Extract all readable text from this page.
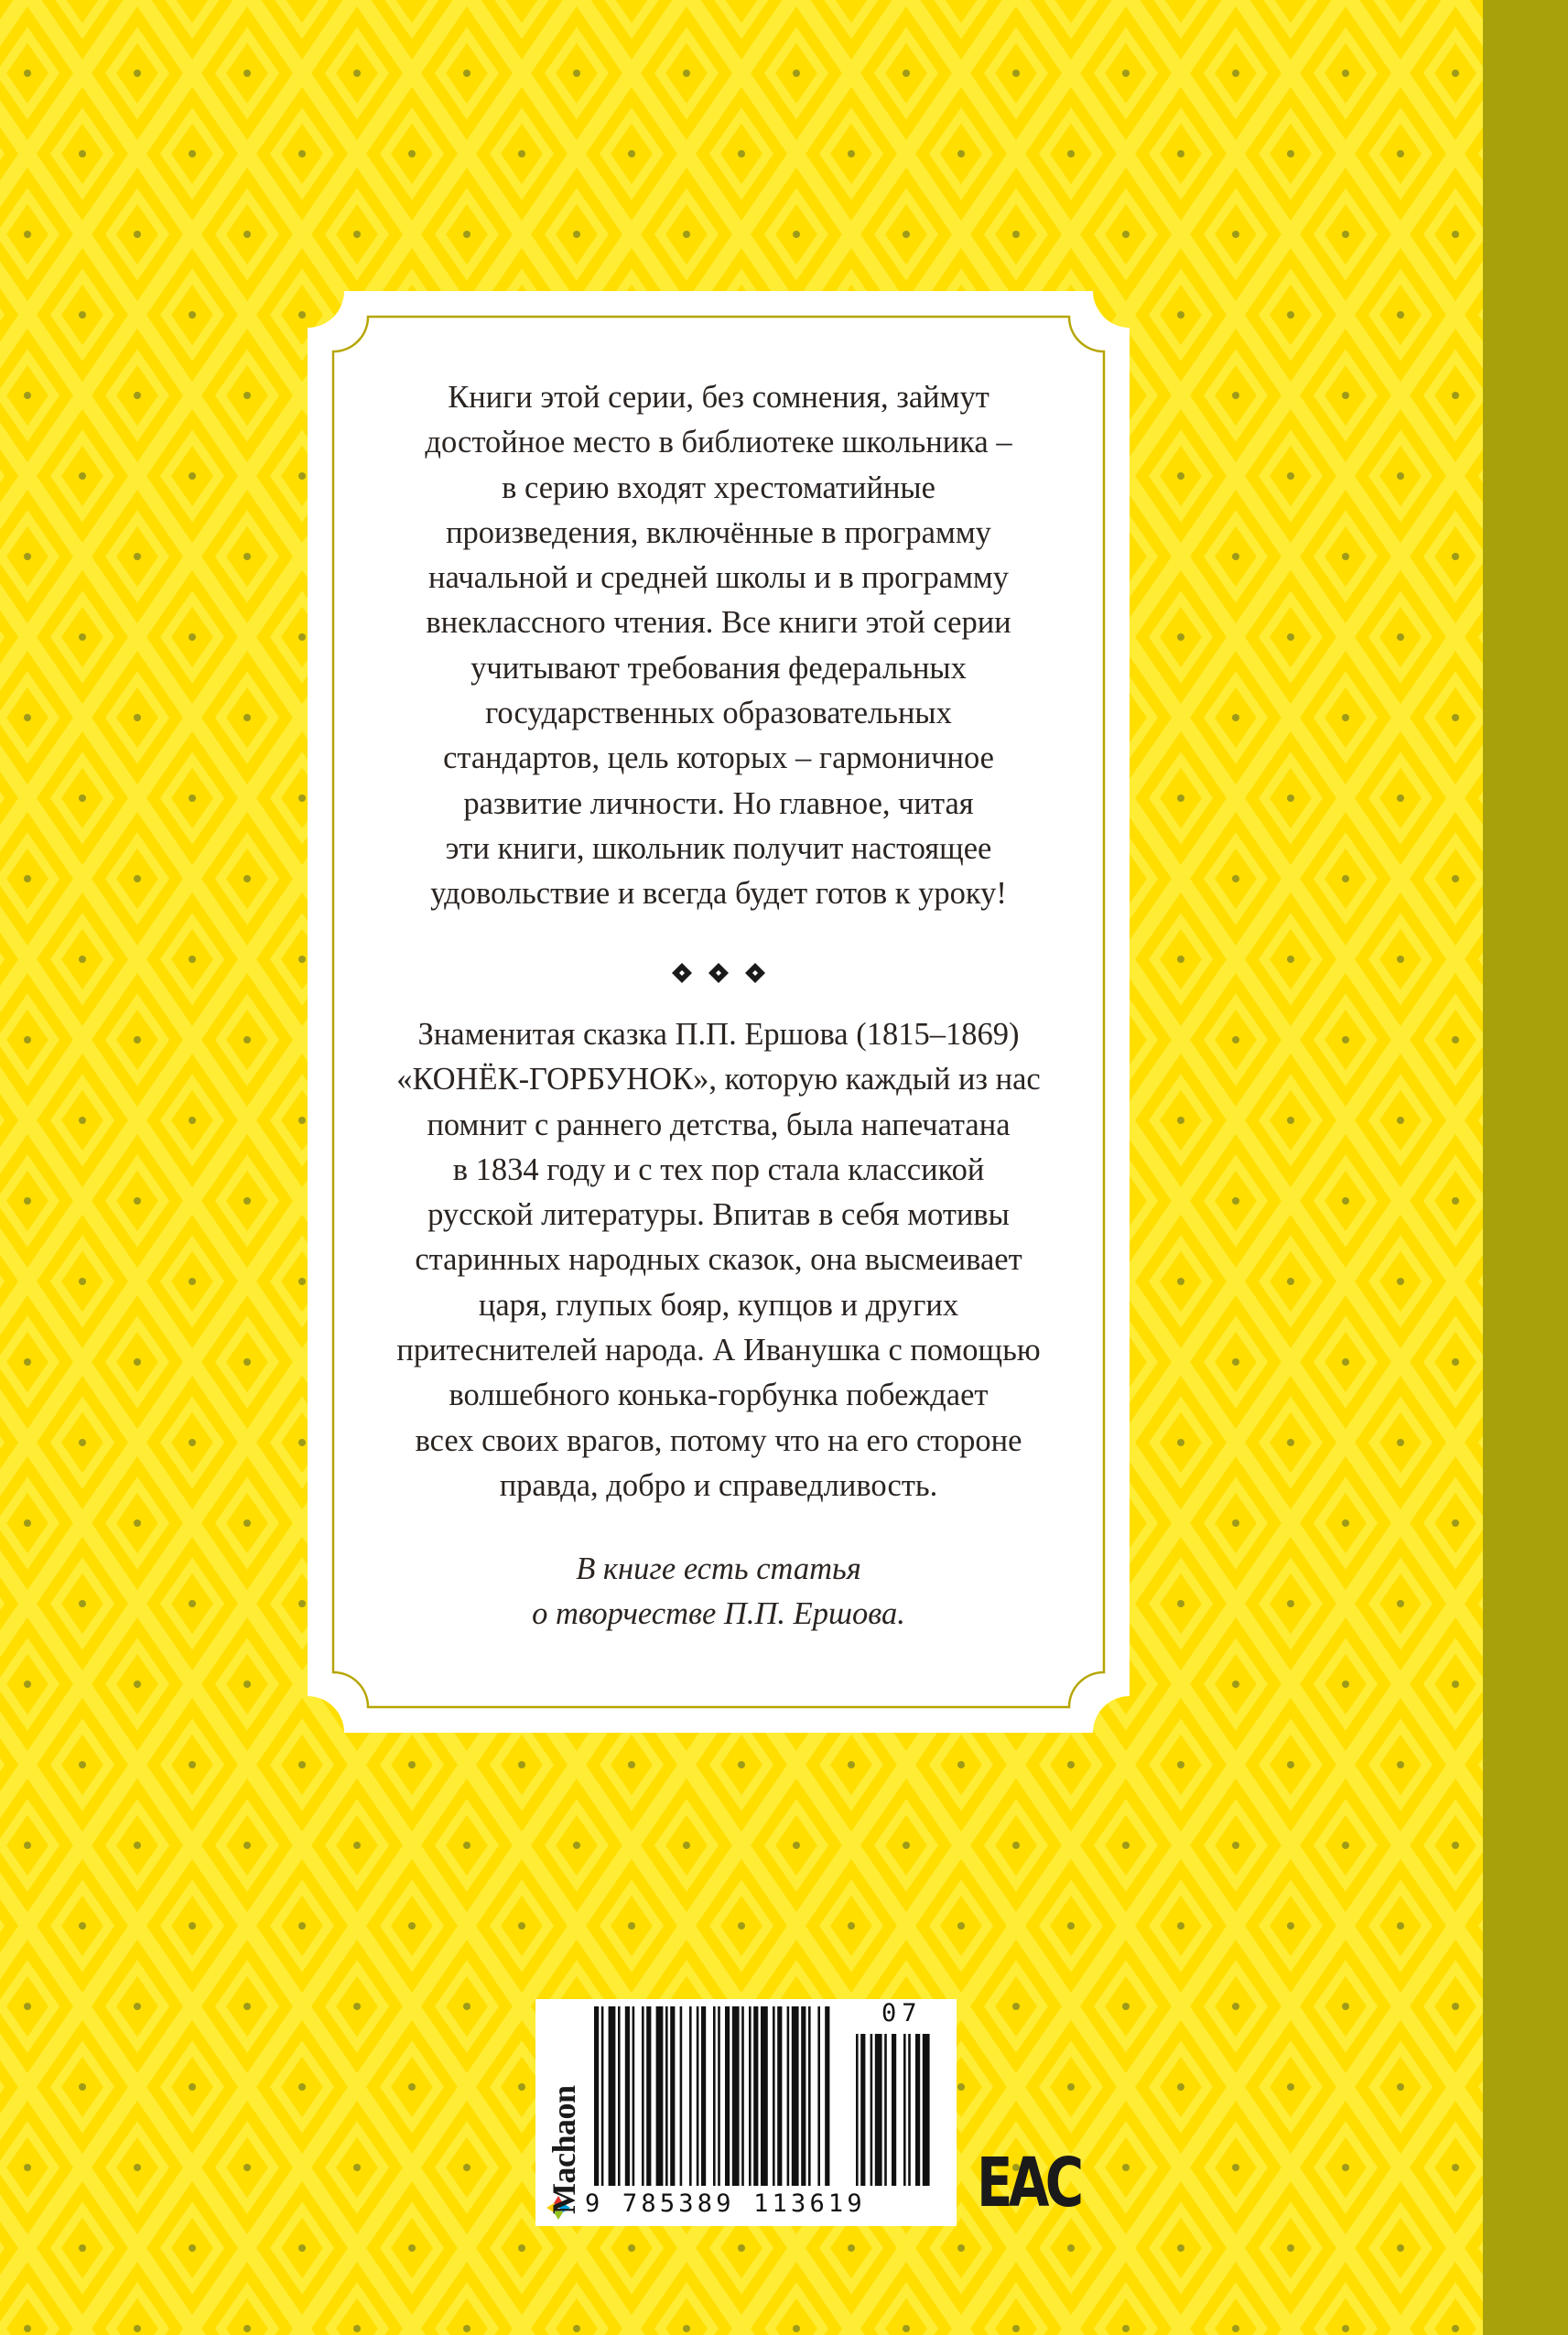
Книги этой серии, без сомнения, займут
достойное место в библиотеке школьника –
в серию входят хрестоматийные
произведения, включённые в программу
начальной и средней школы и в программу
внеклассного чтения. Все книги этой серии
учитывают требования федеральных
государственных образовательных
стандартов, цель которых – гармоничное
развитие личности. Но главное, читая
эти книги, школьник получит настоящее
удовольствие и всегда будет готов к уроку!
Знаменитая сказка П.П. Ершова (1815–1869)
«КОНЁК-ГОРБУНОК», которую каждый из нас
помнит с раннего детства, была напечатана
в 1834 году и с тех пор стала классикой
русской литературы. Впитав в себя мотивы
старинных народных сказок, она высмеивает
царя, глупых бояр, купцов и других
притеснителей народа. А Иванушка с помощью
волшебного конька-горбунка побеждает
всех своих врагов, потому что на его стороне
правда, добро и справедливость.
В книге есть статья
о творчестве П.П. Ершова.
Machaon 9 785389 113619
07
EAC
